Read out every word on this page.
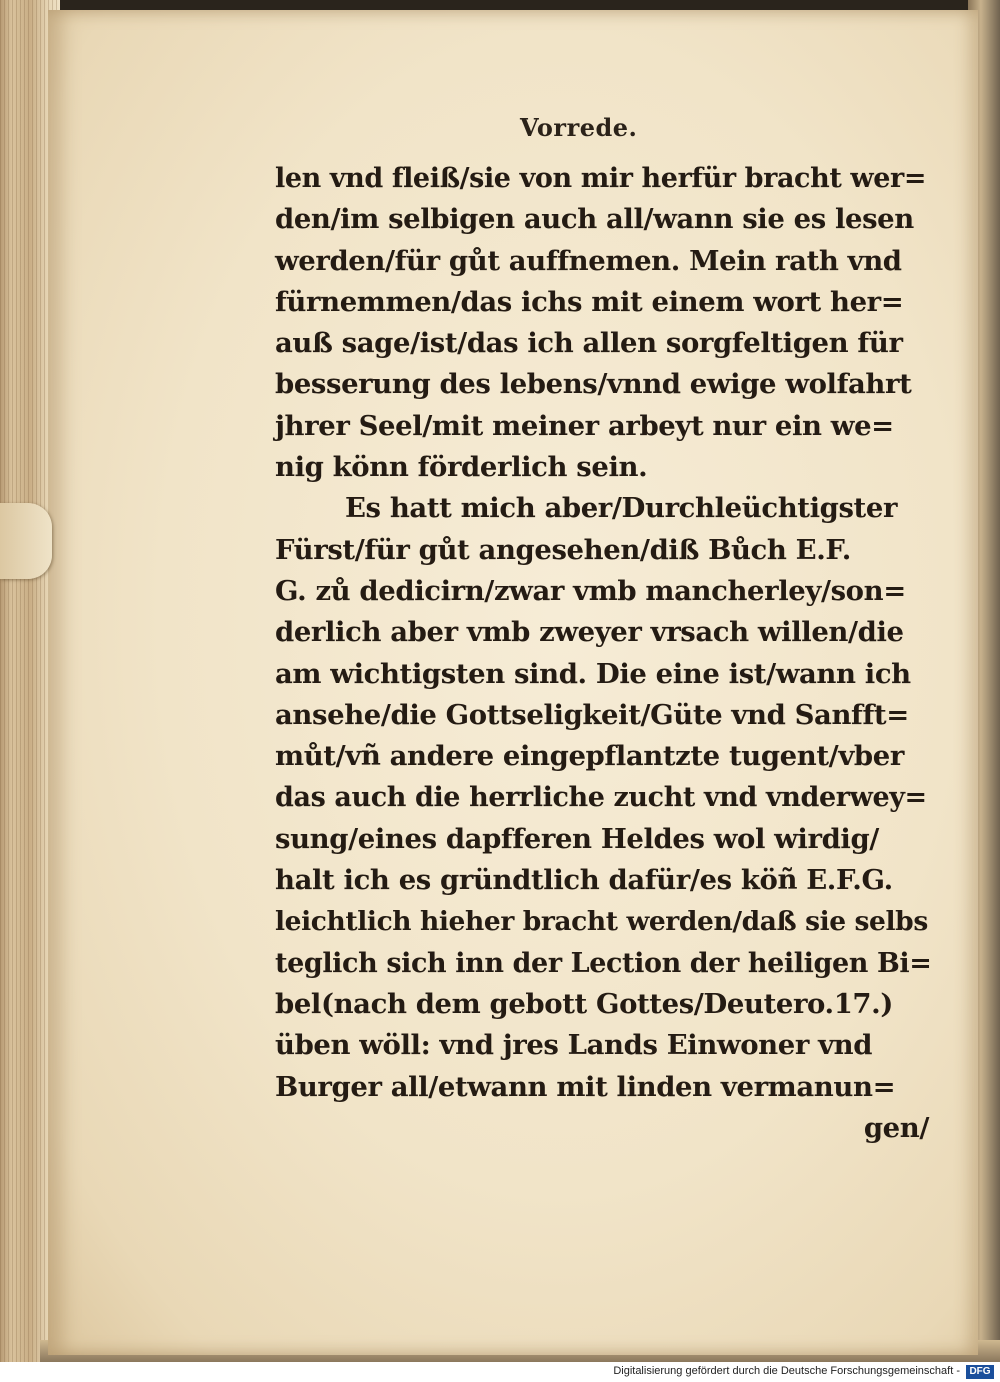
Vorrede.
len vnd fleiß/sie von mir herfür bracht wer=
den/im selbigen auch all/wann sie es lesen
werden/für gůt auffnemen. Mein rath vnd
fürnemmen/das ichs mit einem wort her=
auß sage/ist/das ich allen sorgfeltigen für
besserung des lebens/vnnd ewige wolfahrt
jhrer Seel/mit meiner arbeyt nur ein we=
nig könn förderlich sein.
Es hatt mich aber/Durchleüchtigster
Fürst/für gůt angesehen/diß Bůch E.F.
G. zů dedicirn/zwar vmb mancherley/son=
derlich aber vmb zweyer vrsach willen/die
am wichtigsten sind. Die eine ist/wann ich
ansehe/die Gottseligkeit/Güte vnd Sanfft=
můt/vñ andere eingepflantzte tugent/vber
das auch die herrliche zucht vnd vnderwey=
sung/eines dapfferen Heldes wol wirdig/
halt ich es gründtlich dafür/es köñ E.F.G.
leichtlich hieher bracht werden/daß sie selbs
teglich sich inn der Lection der heiligen Bi=
bel(nach dem gebott Gottes/Deutero.17.)
üben wöll: vnd jres Lands Einwoner vnd
Burger all/etwann mit linden vermanun=
gen/
Digitalisierung gefördert durch die Deutsche Forschungsgemeinschaft - DFG
